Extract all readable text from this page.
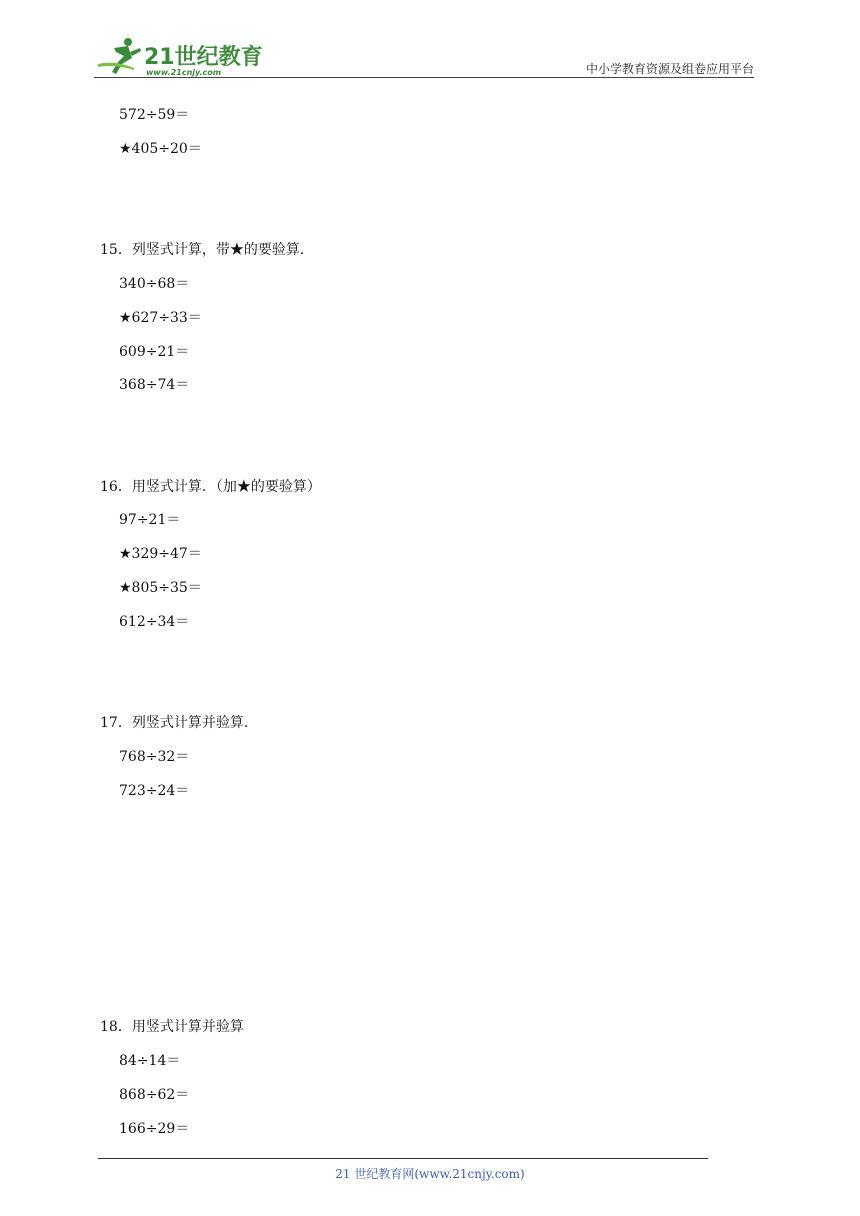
21世纪教育
www.21cnjy.com	中小学教育资源及组卷应用平台
572÷59＝
★405÷20＝
15．列竖式计算，带★的要验算．
340÷68＝
★627÷33＝
609÷21＝
368÷74＝
16．用竖式计算．（加★的要验算）
97÷21＝
★329÷47＝
★805÷35＝
612÷34＝
17．列竖式计算并验算．
768÷32＝
723÷24＝
18．用竖式计算并验算
84÷14＝
868÷62＝
166÷29＝
21 世纪教育网(www.21cnjy.com)
